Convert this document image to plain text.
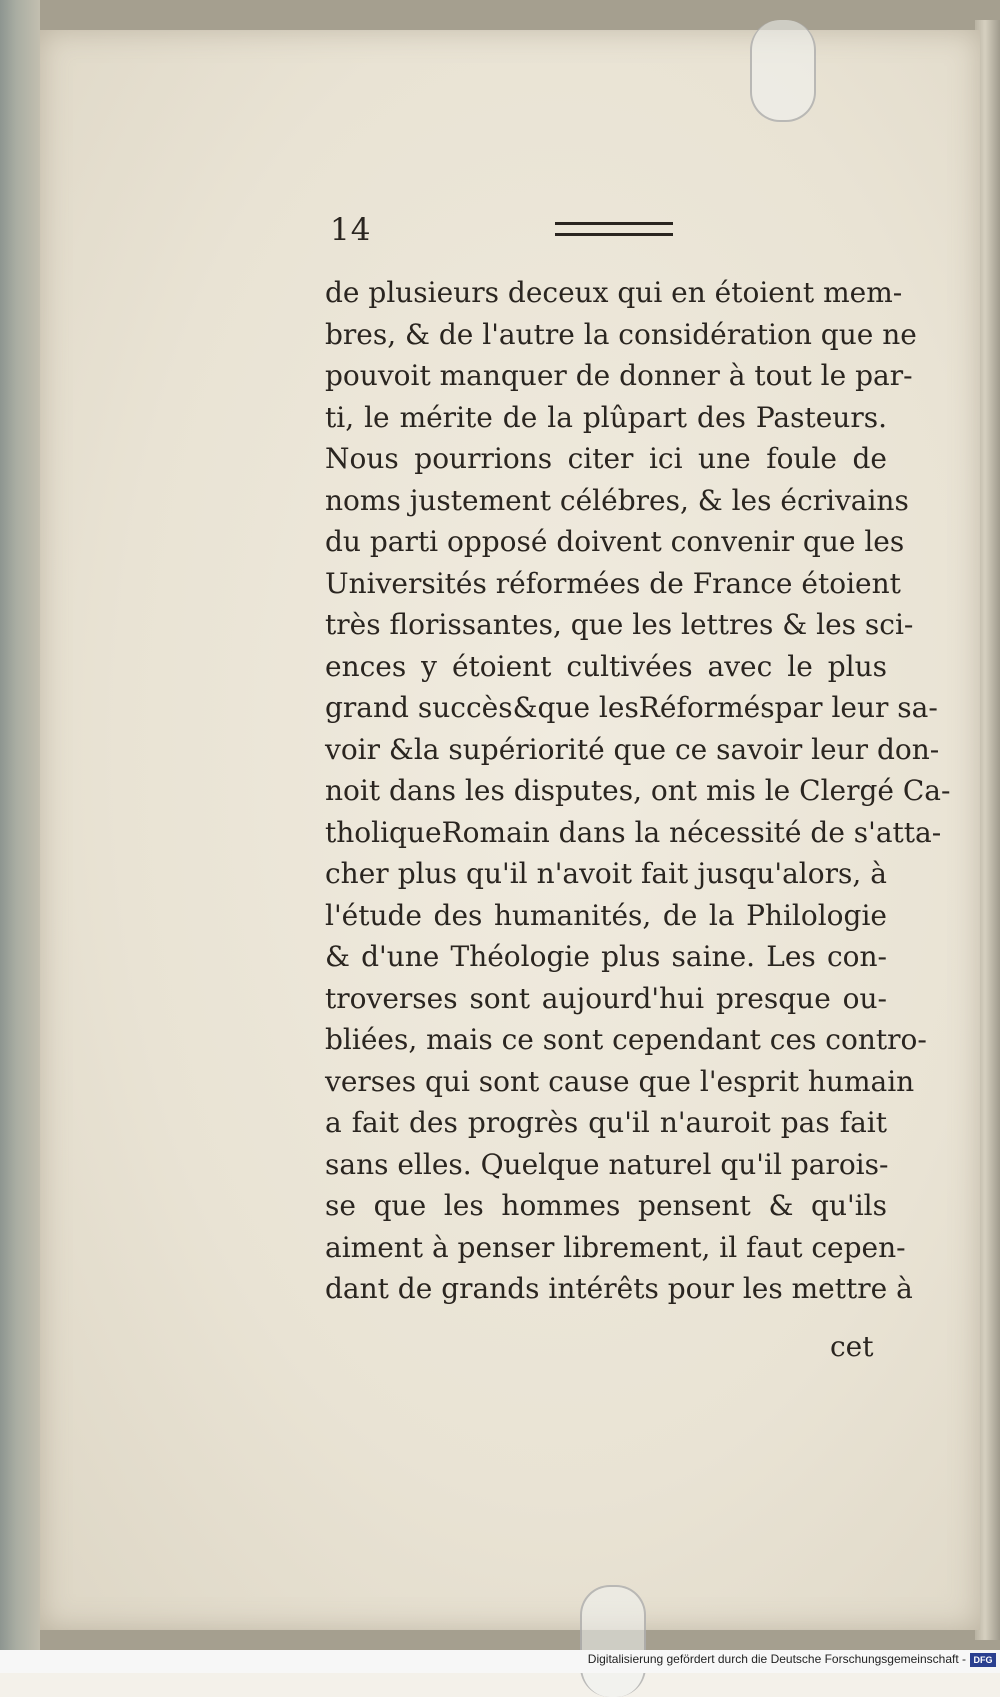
14
de plusieurs deceux qui en étoient mem-
bres, & de l'autre la considération que ne
pouvoit manquer de donner à tout le par-
ti, le mérite de la plûpart des Pasteurs.
Nous pourrions citer ici une foule de
noms justement célébres, & les écrivains
du parti opposé doivent convenir que les
Universités réformées de France étoient
très florissantes, que les lettres & les sci-
ences y étoient cultivées avec le plus
grand succès&que lesRéforméspar leur sa-
voir &la supériorité que ce savoir leur don-
noit dans les disputes, ont mis le Clergé Ca-
tholiqueRomain dans la nécessité de s'atta-
cher plus qu'il n'avoit fait jusqu'alors, à
l'étude des humanités, de la Philologie
& d'une Théologie plus saine. Les con-
troverses sont aujourd'hui presque ou-
bliées, mais ce sont cependant ces contro-
verses qui sont cause que l'esprit humain
a fait des progrès qu'il n'auroit pas fait
sans elles. Quelque naturel qu'il parois-
se que les hommes pensent & qu'ils
aiment à penser librement, il faut cepen-
dant de grands intérêts pour les mettre à
cet
Digitalisierung gefördert durch die Deutsche Forschungsgemeinschaft - DFG
